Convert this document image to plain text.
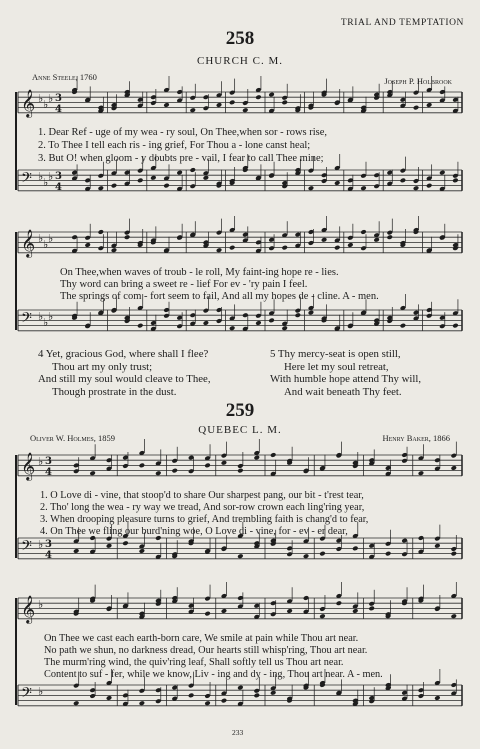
𝄞 ♭ ♭ ♭ 3
4
𝄢 ♭ ♭ ♭ 3
4
𝄞 ♭ ♭ ♭
𝄢 ♭ ♭ ♭
𝄞 ♭ 3
4
𝄢 ♭ 3
4
𝄞 ♭
𝄢 ♭
TRIAL AND TEMPTATION
258
CHURCH C. M.
Anne Steele, 1760	Joseph P. Holbrook
1. Dear Ref - uge of my wea - ry soul, On Thee,when sor - rows rise,
2. To Thee I tell each ris - ing grief, For Thou a - lone canst heal;
3. But O! when gloom - y doubts pre - vail, I fear to call Thee mine;
On Thee,when waves of troub - le roll, My faint-ing hope re - lies.
Thy word can bring a sweet re - lief For ev - 'ry pain I feel.
The springs of com - fort seem to fail, And all my hopes de - cline. A - men.
4 Yet, gracious God, where shall I flee?
Thou art my only trust;
And still my soul would cleave to Thee,
Though prostrate in the dust.
5 Thy mercy-seat is open still,
Here let my soul retreat,
With humble hope attend Thy will,
And wait beneath Thy feet.
259
QUEBEC L. M.
Oliver W. Holmes, 1859	Henry Baker, 1866
1. O Love di - vine, that stoop'd to share Our sharpest pang, our bit - t'rest tear,
2. Tho' long the wea - ry way we tread, And sor-row crown each ling'ring year,
3. When drooping pleasure turns to grief, And trembling faith is chang'd to fear,
4. On Thee we fling our burd'ning woe, O Love di - vine, for - ev - er dear,
On Thee we cast each earth-born care, We smile at pain while Thou art near.
No path we shun, no darkness dread, Our hearts still whisp'ring, Thou art near.
The murm'ring wind, the quiv'ring leaf, Shall softly tell us Thou art near.
Content to suf - fer, while we know, Liv - ing and dy - ing, Thou art near. A - men.
233
